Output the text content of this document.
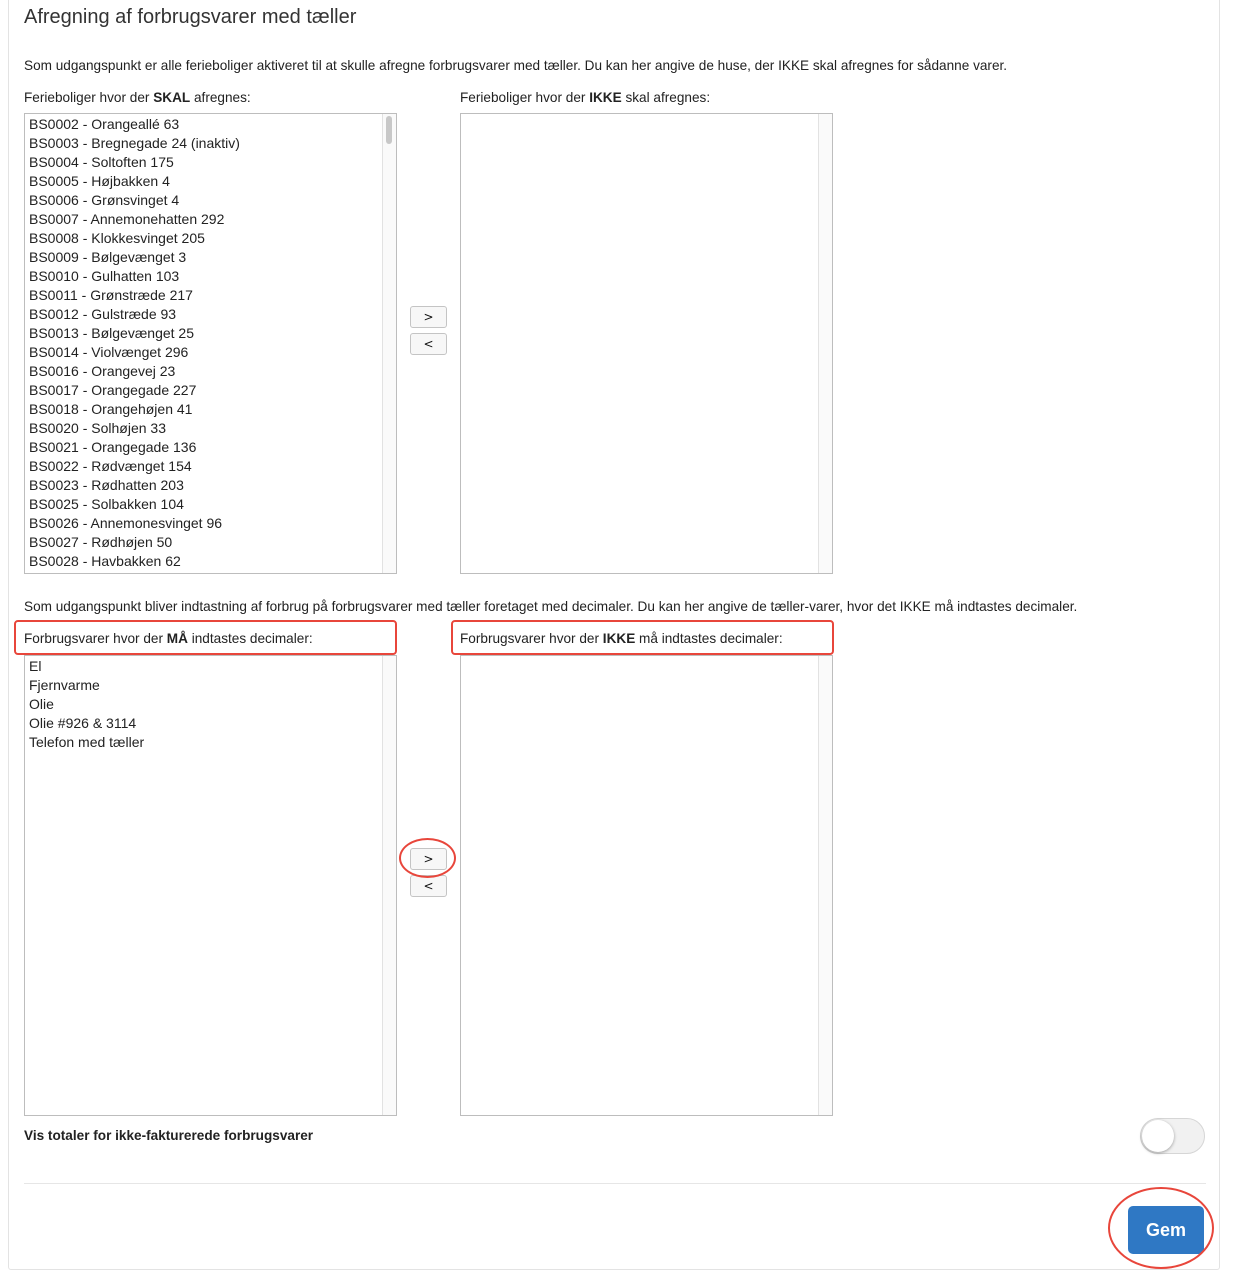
Afregning af forbrugsvarer med tæller
Som udgangspunkt er alle ferieboliger aktiveret til at skulle afregne forbrugsvarer med tæller. Du kan her angive de huse, der IKKE skal afregnes for sådanne varer.
Ferieboliger hvor der SKAL afregnes:	Ferieboliger hvor der IKKE skal afregnes:
BS0002 - Orangeallé 63
BS0003 - Bregnegade 24 (inaktiv)
BS0004 - Soltoften 175
BS0005 - Højbakken 4
BS0006 - Grønsvinget 4
BS0007 - Annemonehatten 292
BS0008 - Klokkesvinget 205
BS0009 - Bølgevænget 3
BS0010 - Gulhatten 103
BS0011 - Grønstræde 217
BS0012 - Gulstræde 93
BS0013 - Bølgevænget 25
BS0014 - Violvænget 296
BS0016 - Orangevej 23
BS0017 - Orangegade 227
BS0018 - Orangehøjen 41
BS0020 - Solhøjen 33
BS0021 - Orangegade 136
BS0022 - Rødvænget 154
BS0023 - Rødhatten 203
BS0025 - Solbakken 104
BS0026 - Annemonesvinget 96
BS0027 - Rødhøjen 50
BS0028 - Havbakken 62
>
<
Som udgangspunkt bliver indtastning af forbrug på forbrugsvarer med tæller foretaget med decimaler. Du kan her angive de tæller-varer, hvor det IKKE må indtastes decimaler.
Forbrugsvarer hvor der MÅ indtastes decimaler:	Forbrugsvarer hvor der IKKE må indtastes decimaler:
El
Fjernvarme
Olie
Olie #926 & 3114
Telefon med tæller
>
<
Vis totaler for ikke-fakturerede forbrugsvarer
Gem
